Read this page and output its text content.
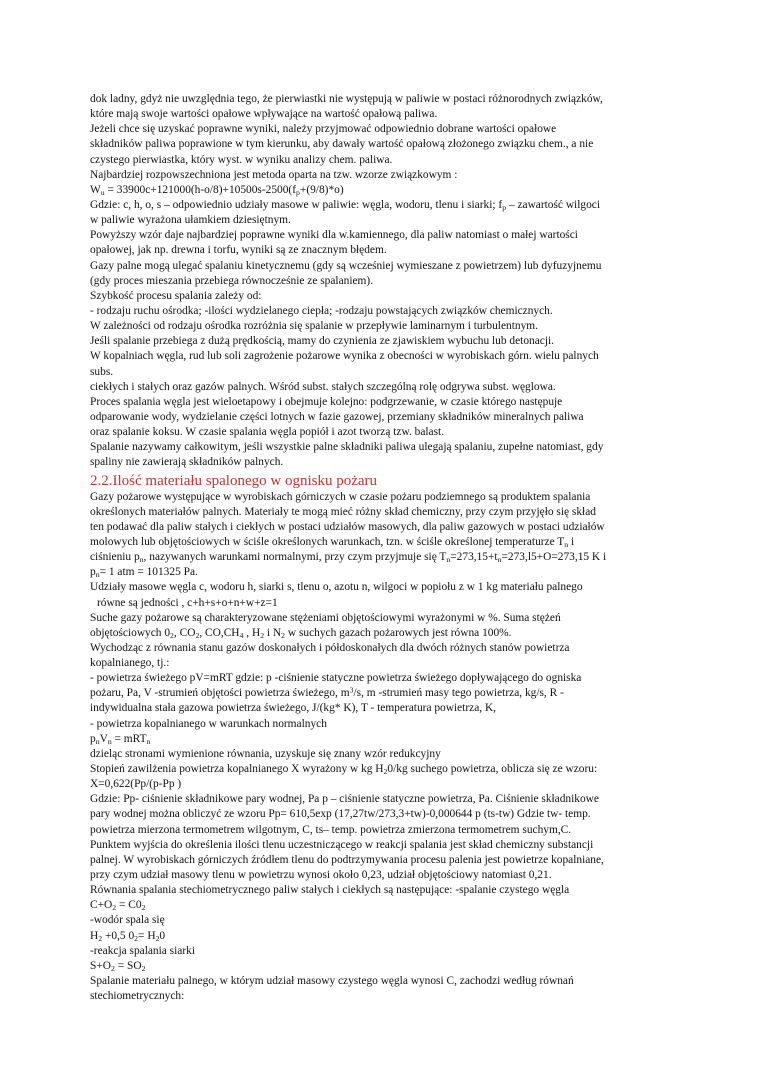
dok ladny, gdyż nie uwzględnia tego, że pierwiastki nie występują w paliwie w postaci różnorodnych związków,
które mają swoje wartości opałowe wpływające na wartość opałową paliwa.
Jeżeli chce się uzyskać poprawne wyniki, należy przyjmować odpowiednio dobrane wartości opałowe
składników paliwa poprawione w tym kierunku, aby dawały wartość opałową złożonego związku chem., a nie
czystego pierwiastka, który wyst. w wyniku analizy chem. paliwa.
Najbardziej rozpowszechniona jest metoda oparta na tzw. wzorze związkowym :
$W_u = 33900c+121000(h-o/8)+10500s-2500(f_p+(9/8)*o)$
Gdzie: c, h, o, s – odpowiednio udziały masowe w paliwie: węgla, wodoru, tlenu i siarki; $f_p$ – zawartość wilgoci
w paliwie wyrażona ułamkiem dziesiętnym.
Powyższy wzór daje najbardziej poprawne wyniki dla w.kamiennego, dla paliw natomiast o małej wartości
opałowej, jak np. drewna i torfu, wyniki są ze znacznym błędem.
Gazy palne mogą ulegać spalaniu kinetycznemu (gdy są wcześniej wymieszane z powietrzem) lub dyfuzyjnemu
(gdy proces mieszania przebiega równocześnie ze spalaniem).
Szybkość procesu spalania zależy od:
- rodzaju ruchu ośrodka; -ilości wydzielanego ciepła; -rodzaju powstających związków chemicznych.
W zależności od rodzaju ośrodka rozróżnia się spalanie w przepływie laminarnym i turbulentnym.
Jeśli spalanie przebiega z dużą prędkością, mamy do czynienia ze zjawiskiem wybuchu lub detonacji.
W kopalniach węgla, rud lub soli zagrożenie pożarowe wynika z obecności w wyrobiskach górn. wielu palnych
subs.
ciekłych i stałych oraz gazów palnych. Wśród subst. stałych szczególną rolę odgrywa subst. węglowa.
Proces spalania węgla jest wieloetapowy i obejmuje kolejno: podgrzewanie, w czasie którego następuje
odparowanie wody, wydzielanie części lotnych w fazie gazowej, przemiany składników mineralnych paliwa
oraz spalanie koksu. W czasie spalania węgla popiół i azot tworzą tzw. balast.
Spalanie nazywamy całkowitym, jeśli wszystkie palne składniki paliwa ulegają spalaniu, zupełne natomiast, gdy
spaliny nie zawierają składników palnych.
2.2.Ilość materiału spalonego w ognisku pożaru
Gazy pożarowe występujące w wyrobiskach górniczych w czasie pożaru podziemnego są produktem spalania
określonych materiałów palnych. Materiały te mogą mieć różny skład chemiczny, przy czym przyjęło się skład
ten podawać dla paliw stałych i ciekłych w postaci udziałów masowych, dla paliw gazowych w postaci udziałów
molowych lub objętościowych w ściśle określonych warunkach, tzn. w ściśle określonej temperaturze $T_n$ i
ciśnieniu $p_n$, nazywanych warunkami normalnymi, przy czym przyjmuje się $T_n=273,15+t_n=273,l5+O=273,15$ K i
$p_n= 1$ atm = 101325 Pa.
Udziały masowe węgla c, wodoru h, siarki s, tlenu o, azotu n, wilgoci w popiołu z w 1 kg materiału palnego
równe są jedności , c+h+s+o+n+w+z=1
Suche gazy pożarowe są charakteryzowane stężeniami objętościowymi wyrażonymi w %. Suma stężeń
objętościowych $0_2$, $CO_2$, $CO,CH_4$ , $H_2$ i $N_2$ w suchych gazach pożarowych jest równa 100%.
Wychodząc z równania stanu gazów doskonałych i półdoskonałych dla dwóch różnych stanów powietrza
kopalnianego, tj.:
- powietrza świeżego pV=mRT gdzie: p -ciśnienie statyczne powietrza świeżego dopływającego do ogniska
pożaru, Pa, V -strumień objętości powietrza świeżego, $m^3/s$, m -strumień masy tego powietrza, kg/s, R -
indywidualna stała gazowa powietrza świeżego, J/(kg* K), T - temperatura powietrza, K,
- powietrza kopalnianego w warunkach normalnych
$p_nV_n = mRT_n$
dzieląc stronami wymienione równania, uzyskuje się znany wzór redukcyjny
Stopień zawilżenia powietrza kopalnianego X wyrażony w kg $H_20/kg$ suchego powietrza, oblicza się ze wzoru:
X=0,622(Pp/(p-Pp )
Gdzie: Pp- ciśnienie składnikowe pary wodnej, Pa p – ciśnienie statyczne powietrza, Pa. Ciśnienie składnikowe
pary wodnej można obliczyć ze wzoru Pp= 610,5exp (17,27tw/273,3+tw)-0,000644 p (ts-tw) Gdzie tw- temp.
powietrza mierzona termometrem wilgotnym, C, ts– temp. powietrza zmierzona termometrem suchym,C.
Punktem wyjścia do określenia ilości tlenu uczestniczącego w reakcji spalania jest skład chemiczny substancji
palnej. W wyrobiskach górniczych źródłem tlenu do podtrzymywania procesu palenia jest powietrze kopalniane,
przy czym udział masowy tlenu w powietrzu wynosi około 0,23, udział objętościowy natomiast 0,21.
Równania spalania stechiometrycznego paliw stałych i ciekłych są następujące: -spalanie czystego węgla
$C+O_2 = C0_2$
-wodór spala się
$H_2 +0,5$ $0_2= H_20$
-reakcja spalania siarki
$S+O_2 = SO_2$
Spalanie materiału palnego, w którym udział masowy czystego węgla wynosi C, zachodzi według równań
stechiometrycznych:
